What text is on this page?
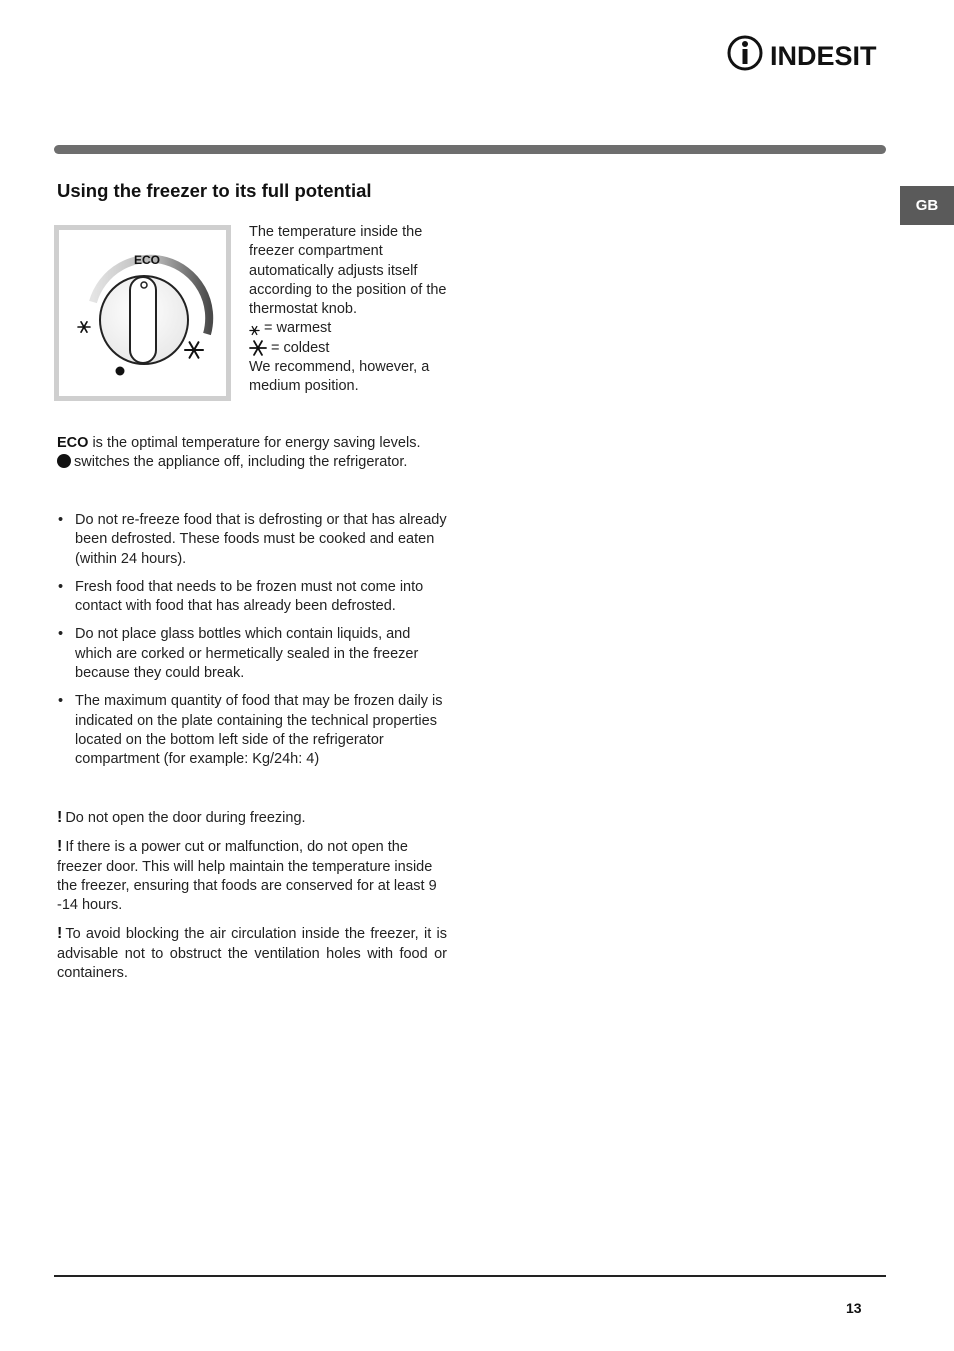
INDESIT
GB
Using the freezer to its full potential
ECO

The temperature inside the freezer compartment automatically adjusts itself according to the position of the thermostat knob.

= warmest
= coldest

We recommend, however, a medium position.

ECO is the optimal temperature for energy saving levels.

switches the appliance off, including the refrigerator.

• Do not re-freeze food that is defrosting or that has already been defrosted. These foods must be cooked and eaten (within 24 hours).
• Fresh food that needs to be frozen must not come into contact with food that has already been defrosted.
• Do not place glass bottles which contain liquids, and which are corked or hermetically sealed in the freezer because they could break.
• The maximum quantity of food that may be frozen daily is indicated on the plate containing the technical properties located on the bottom left side of the refrigerator compartment (for example: Kg/24h: 4)

! Do not open the door during freezing.

! If there is a power cut or malfunction, do not open the freezer door. This will help maintain the temperature inside the freezer, ensuring that foods are conserved for at least 9 -14 hours.

! To avoid blocking the air circulation inside the freezer, it is advisable not to obstruct the ventilation holes with food or containers.

13
